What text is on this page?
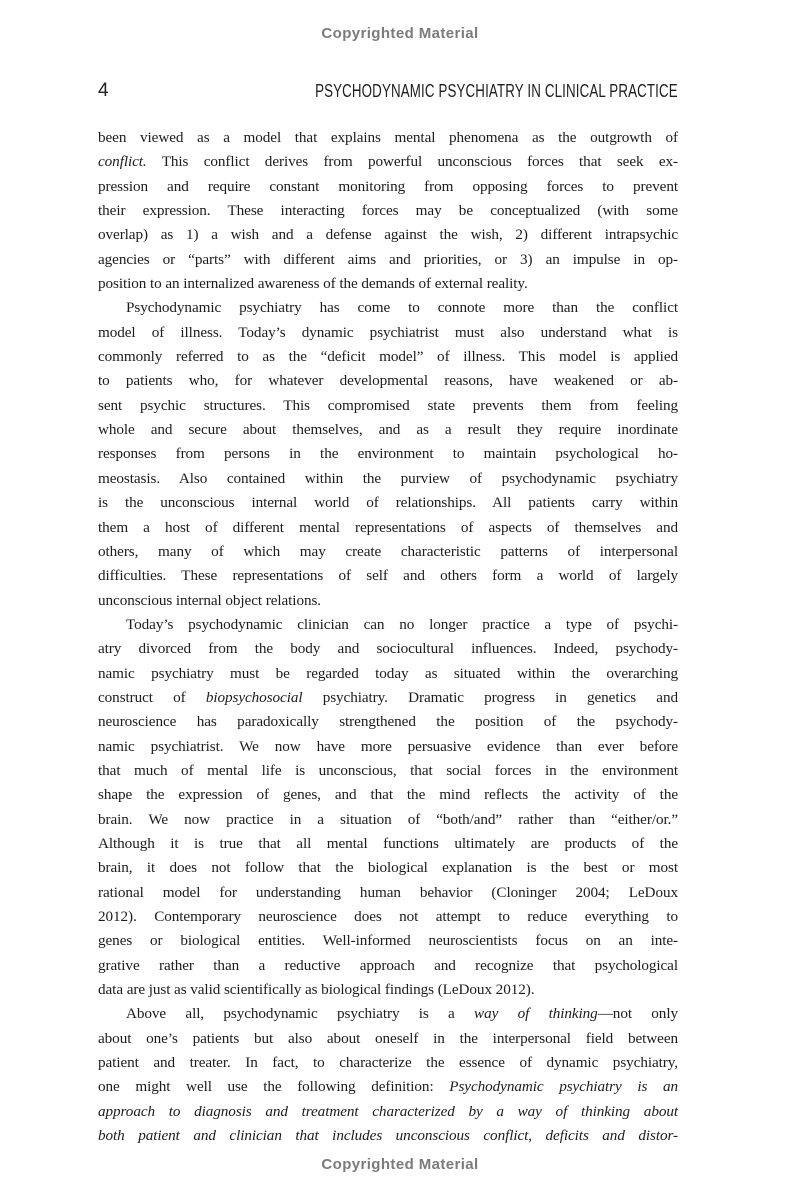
Copyrighted Material
4	PSYCHODYNAMIC PSYCHIATRY IN CLINICAL PRACTICE
been viewed as a model that explains mental phenomena as the outgrowth of
conflict. This conflict derives from powerful unconscious forces that seek ex-
pression and require constant monitoring from opposing forces to prevent
their expression. These interacting forces may be conceptualized (with some
overlap) as 1) a wish and a defense against the wish, 2) different intrapsychic
agencies or “parts” with different aims and priorities, or 3) an impulse in op-
position to an internalized awareness of the demands of external reality.
Psychodynamic psychiatry has come to connote more than the conflict
model of illness. Today’s dynamic psychiatrist must also understand what is
commonly referred to as the “deficit model” of illness. This model is applied
to patients who, for whatever developmental reasons, have weakened or ab-
sent psychic structures. This compromised state prevents them from feeling
whole and secure about themselves, and as a result they require inordinate
responses from persons in the environment to maintain psychological ho-
meostasis. Also contained within the purview of psychodynamic psychiatry
is the unconscious internal world of relationships. All patients carry within
them a host of different mental representations of aspects of themselves and
others, many of which may create characteristic patterns of interpersonal
difficulties. These representations of self and others form a world of largely
unconscious internal object relations.
Today’s psychodynamic clinician can no longer practice a type of psychi-
atry divorced from the body and sociocultural influences. Indeed, psychody-
namic psychiatry must be regarded today as situated within the overarching
construct of biopsychosocial psychiatry. Dramatic progress in genetics and
neuroscience has paradoxically strengthened the position of the psychody-
namic psychiatrist. We now have more persuasive evidence than ever before
that much of mental life is unconscious, that social forces in the environment
shape the expression of genes, and that the mind reflects the activity of the
brain. We now practice in a situation of “both/and” rather than “either/or.”
Although it is true that all mental functions ultimately are products of the
brain, it does not follow that the biological explanation is the best or most
rational model for understanding human behavior (Cloninger 2004; LeDoux
2012). Contemporary neuroscience does not attempt to reduce everything to
genes or biological entities. Well-informed neuroscientists focus on an inte-
grative rather than a reductive approach and recognize that psychological
data are just as valid scientifically as biological findings (LeDoux 2012).
Above all, psychodynamic psychiatry is a way of thinking—not only
about one’s patients but also about oneself in the interpersonal field between
patient and treater. In fact, to characterize the essence of dynamic psychiatry,
one might well use the following definition: Psychodynamic psychiatry is an
approach to diagnosis and treatment characterized by a way of thinking about
both patient and clinician that includes unconscious conflict, deficits and distor-
Copyrighted Material
